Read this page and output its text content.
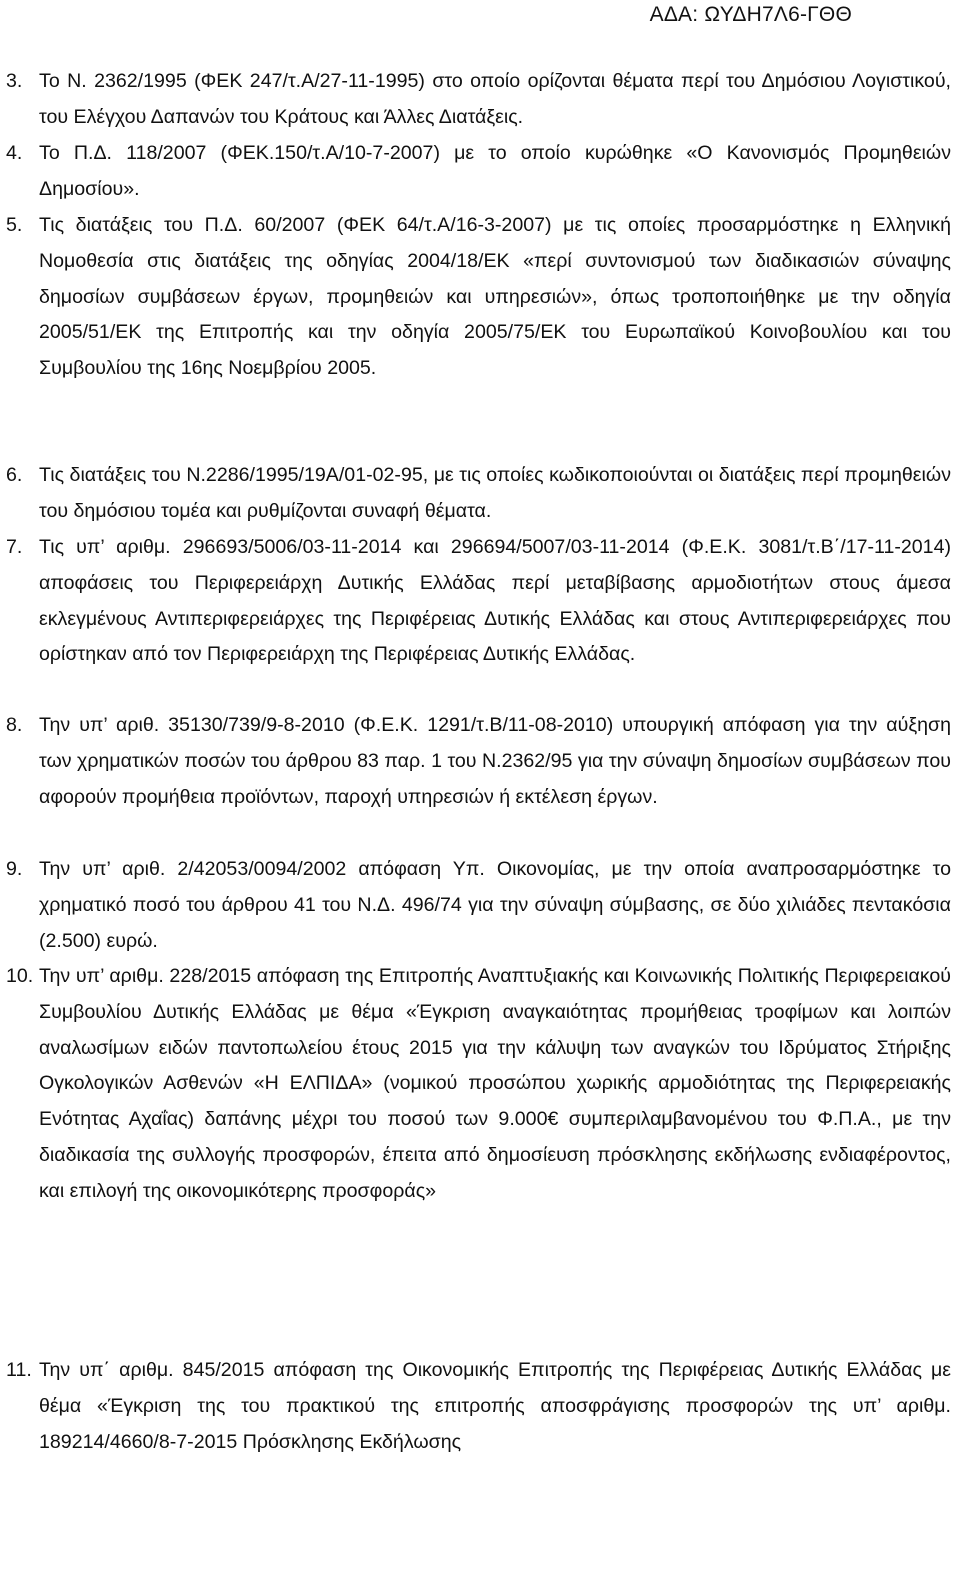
ΑΔΑ: ΩΥΔΗ7Λ6-ΓΘΘ
3. Το Ν. 2362/1995 (ΦΕΚ 247/τ.Α/27-11-1995) στο οποίο ορίζονται θέματα περί του Δημόσιου Λογιστικού, του Ελέγχου Δαπανών του Κράτους και Άλλες Διατάξεις.
4. Το Π.Δ. 118/2007 (ΦΕΚ.150/τ.Α/10-7-2007) με το οποίο κυρώθηκε «Ο Κανονισμός Προμηθειών Δημοσίου».
5. Τις διατάξεις του Π.Δ. 60/2007 (ΦΕΚ 64/τ.Α/16-3-2007) με τις οποίες προσαρμόστηκε η Ελληνική Νομοθεσία στις διατάξεις της οδηγίας 2004/18/ΕΚ «περί συντονισμού των διαδικασιών σύναψης δημοσίων συμβάσεων έργων, προμηθειών και υπηρεσιών», όπως τροποποιήθηκε με την οδηγία 2005/51/ΕΚ της Επιτροπής και την οδηγία 2005/75/ΕΚ του Ευρωπαϊκού Κοινοβουλίου και του Συμβουλίου της 16ης Νοεμβρίου 2005.
6. Τις διατάξεις του Ν.2286/1995/19Α/01-02-95, με τις οποίες κωδικοποιούνται οι διατάξεις περί προμηθειών του δημόσιου τομέα και ρυθμίζονται συναφή θέματα.
7. Τις υπ’ αριθμ. 296693/5006/03-11-2014 και 296694/5007/03-11-2014 (Φ.Ε.Κ. 3081/τ.Β΄/17-11-2014) αποφάσεις του Περιφερειάρχη Δυτικής Ελλάδας περί μεταβίβασης αρμοδιοτήτων στους άμεσα εκλεγμένους Αντιπεριφερειάρχες της Περιφέρειας Δυτικής Ελλάδας και στους Αντιπεριφερειάρχες που ορίστηκαν από τον Περιφερειάρχη της Περιφέρειας Δυτικής Ελλάδας.
8. Την υπ’ αριθ. 35130/739/9-8-2010 (Φ.Ε.Κ. 1291/τ.Β/11-08-2010) υπουργική απόφαση για την αύξηση των χρηματικών ποσών του άρθρου 83 παρ. 1 του Ν.2362/95 για την σύναψη δημοσίων συμβάσεων που αφορούν προμήθεια προϊόντων, παροχή υπηρεσιών ή εκτέλεση έργων.
9. Την υπ’ αριθ. 2/42053/0094/2002 απόφαση Υπ. Οικονομίας, με την οποία αναπροσαρμόστηκε το χρηματικό ποσό του άρθρου 41 του Ν.Δ. 496/74 για την σύναψη σύμβασης, σε δύο χιλιάδες πεντακόσια (2.500) ευρώ.
10. Την υπ’ αριθμ. 228/2015 απόφαση της Επιτροπής Αναπτυξιακής και Κοινωνικής Πολιτικής Περιφερειακού Συμβουλίου Δυτικής Ελλάδας με θέμα «Έγκριση αναγκαιότητας προμήθειας τροφίμων και λοιπών αναλωσίμων ειδών παντοπωλείου έτους 2015 για την κάλυψη των αναγκών του Ιδρύματος Στήριξης Ογκολογικών Ασθενών «Η ΕΛΠΙΔΑ» (νομικού προσώπου χωρικής αρμοδιότητας της Περιφερειακής Ενότητας Αχαΐας) δαπάνης μέχρι του ποσού των 9.000€ συμπεριλαμβανομένου του Φ.Π.Α., με την διαδικασία της συλλογής προσφορών, έπειτα από δημοσίευση πρόσκλησης εκδήλωσης ενδιαφέροντος, και επιλογή της οικονομικότερης προσφοράς»
11. Την υπ΄ αριθμ. 845/2015 απόφαση της Οικονομικής Επιτροπής της Περιφέρειας Δυτικής Ελλάδας με θέμα «Έγκριση της του πρακτικού της επιτροπής αποσφράγισης προσφορών της υπ’ αριθμ. 189214/4660/8-7-2015 Πρόσκλησης Εκδήλωσης
